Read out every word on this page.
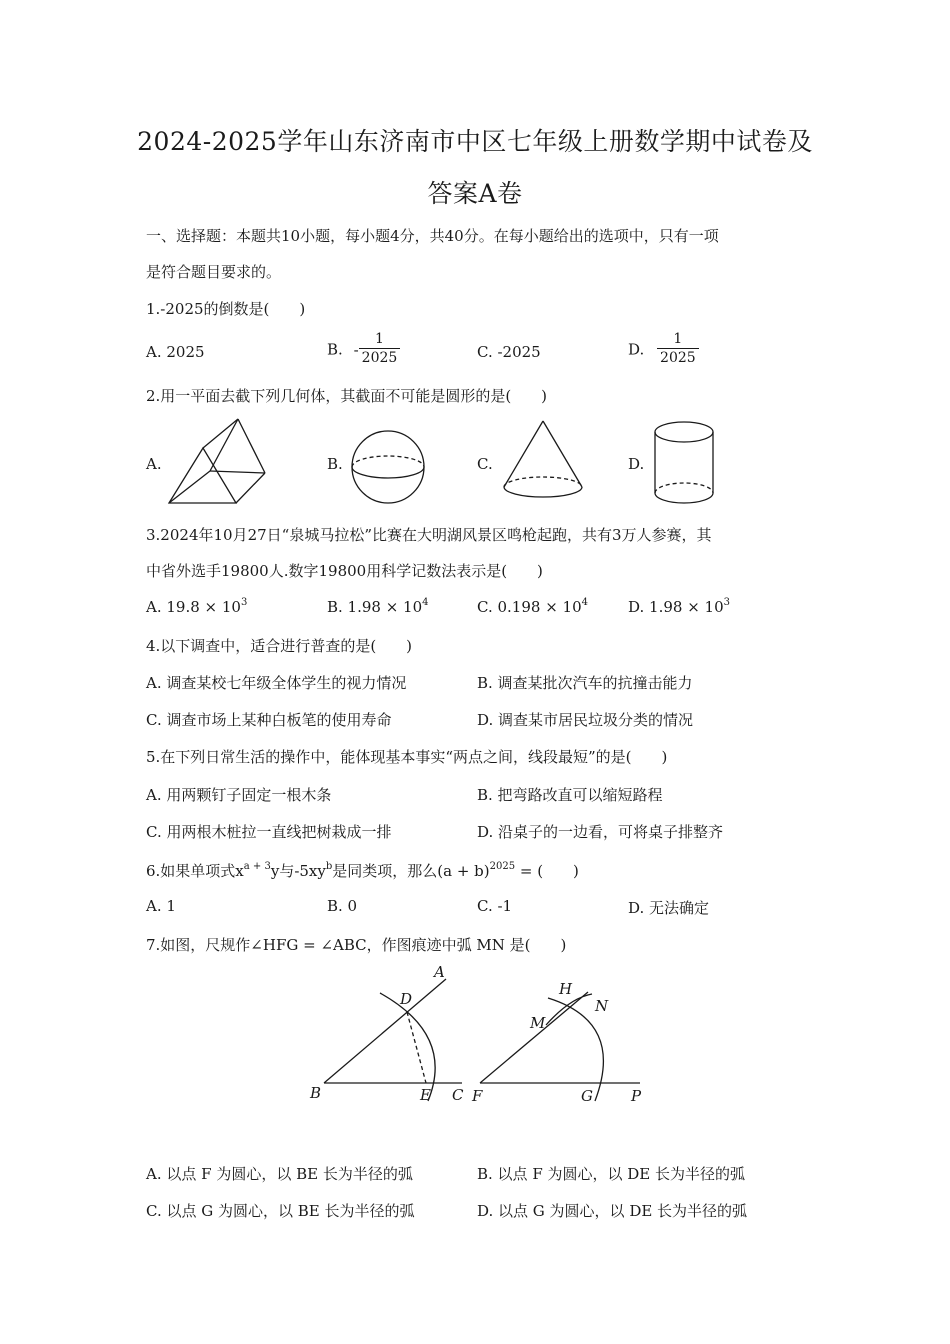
2024-2025学年山东济南市中区七年级上册数学期中试卷及
答案A卷
一、选择题：本题共10小题，每小题4分，共40分。在每小题给出的选项中，只有一项
是符合题目要求的。
1.-2025的倒数是(　　)
A. 2025	B. - $\frac{1}{2025}$	C. -2025	D. $\frac{1}{2025}$
2.用一平面去截下列几何体，其截面不可能是圆形的是(　　)
A.	B.	C.	D.
3.2024年10月27日“泉城马拉松”比赛在大明湖风景区鸣枪起跑，共有3万人参赛，其
中省外选手19800人.数字19800用科学记数法表示是(　　)
A. $19.8 \times 10^3$	B. $1.98 \times 10^4$	C. $0.198 \times 10^4$	D. $1.98 \times 10^3$
4.以下调查中，适合进行普查的是(　　)
A. 调查某校七年级全体学生的视力情况	B. 调查某批次汽车的抗撞击能力
C. 调查市场上某种白板笔的使用寿命	D. 调查某市居民垃圾分类的情况
5.在下列日常生活的操作中，能体现基本事实“两点之间，线段最短”的是(　　)
A. 用两颗钉子固定一根木条	B. 把弯路改直可以缩短路程
C. 用两根木桩拉一直线把树栽成一排	D. 沿桌子的一边看，可将桌子排整齐
6.如果单项式$x^{a + 3}y$与$-5xy^b$是同类项，那么$(a + b)^{2025}$ = (　　)
A. 1	B. 0	C. -1	D. 无法确定
7.如图，尺规作∠HFG = ∠ABC，作图痕迹中弧 MN 是(　　)
A
D
B	E C
H
N
M
F	G	P
A. 以点 F 为圆心，以 BE 长为半径的弧	B. 以点 F 为圆心，以 DE 长为半径的弧
C. 以点 G 为圆心，以 BE 长为半径的弧	D. 以点 G 为圆心，以 DE 长为半径的弧
